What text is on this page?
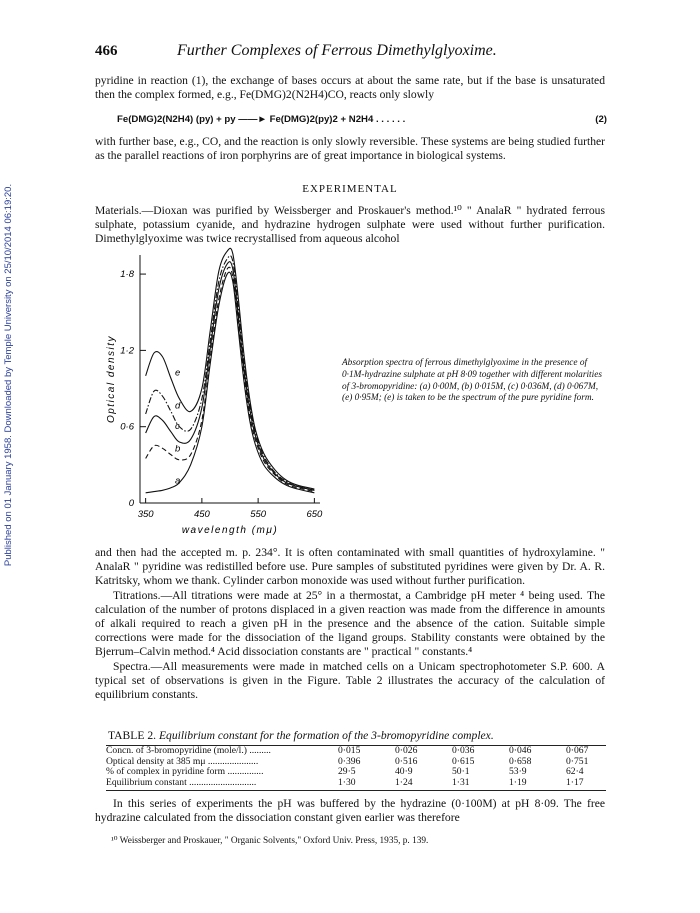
Published on 01 January 1958. Downloaded by Temple University on 25/10/2014 06:19:20.
466	Further Complexes of Ferrous Dimethylglyoxime.
pyridine in reaction (1), the exchange of bases occurs at about the same rate, but if the base is unsaturated then the complex formed, e.g., Fe(DMG)2(N2H4)CO, reacts only slowly
Fe(DMG)2(N2H4) (py) + py ——► Fe(DMG)2(py)2 + N2H4 . . . . . .	(2)
with further base, e.g., CO, and the reaction is only slowly reversible. These systems are being studied further as the parallel reactions of iron porphyrins are of great importance in biological systems.
EXPERIMENTAL
Materials.—Dioxan was purified by Weissberger and Proskauer's method.¹⁰ " AnalaR " hydrated ferrous sulphate, potassium cyanide, and hydrazine hydrogen sulphate were used without further purification. Dimethylglyoxime was twice recrystallised from aqueous alcohol
0
0·6
1·2
1·8
350	450	550	650
wavelength (mμ)
Optical density
a
b
c
d
e
Absorption spectra of ferrous dimethylglyoxime in the presence of 0·1M-hydrazine sulphate at pH 8·09 together with different molarities of 3-bromopyridine: (a) 0·00M, (b) 0·015M, (c) 0·036M, (d) 0·067M, (e) 0·95M; (e) is taken to be the spectrum of the pure pyridine form.
and then had the accepted m. p. 234°. It is often contaminated with small quantities of hydroxylamine. " AnalaR " pyridine was redistilled before use. Pure samples of substituted pyridines were given by Dr. A. R. Katritsky, whom we thank. Cylinder carbon monoxide was used without further purification.
Titrations.—All titrations were made at 25° in a thermostat, a Cambridge pH meter ⁴ being used. The calculation of the number of protons displaced in a given reaction was made from the difference in amounts of alkali required to reach a given pH in the presence and the absence of the cation. Suitable simple corrections were made for the dissociation of the ligand groups. Stability constants were obtained by the Bjerrum–Calvin method.⁴ Acid dissociation constants are " practical " constants.⁴
Spectra.—All measurements were made in matched cells on a Unicam spectrophotometer S.P. 600. A typical set of observations is given in the Figure. Table 2 illustrates the accuracy of the calculation of equilibrium constants.
TABLE 2. Equilibrium constant for the formation of the 3-bromopyridine complex.
Concn. of 3-bromopyridine (mole/l.) .........	0·015	0·026	0·036	0·046	0·067
Optical density at 385 mμ .....................	0·396	0·516	0·615	0·658	0·751
% of complex in pyridine form ...............	29·5	40·9	50·1	53·9	62·4
Equilibrium constant ............................	1·30	1·24	1·31	1·19	1·17
In this series of experiments the pH was buffered by the hydrazine (0·100M) at pH 8·09. The free hydrazine calculated from the dissociation constant given earlier was therefore
¹⁰ Weissberger and Proskauer, " Organic Solvents," Oxford Univ. Press, 1935, p. 139.
